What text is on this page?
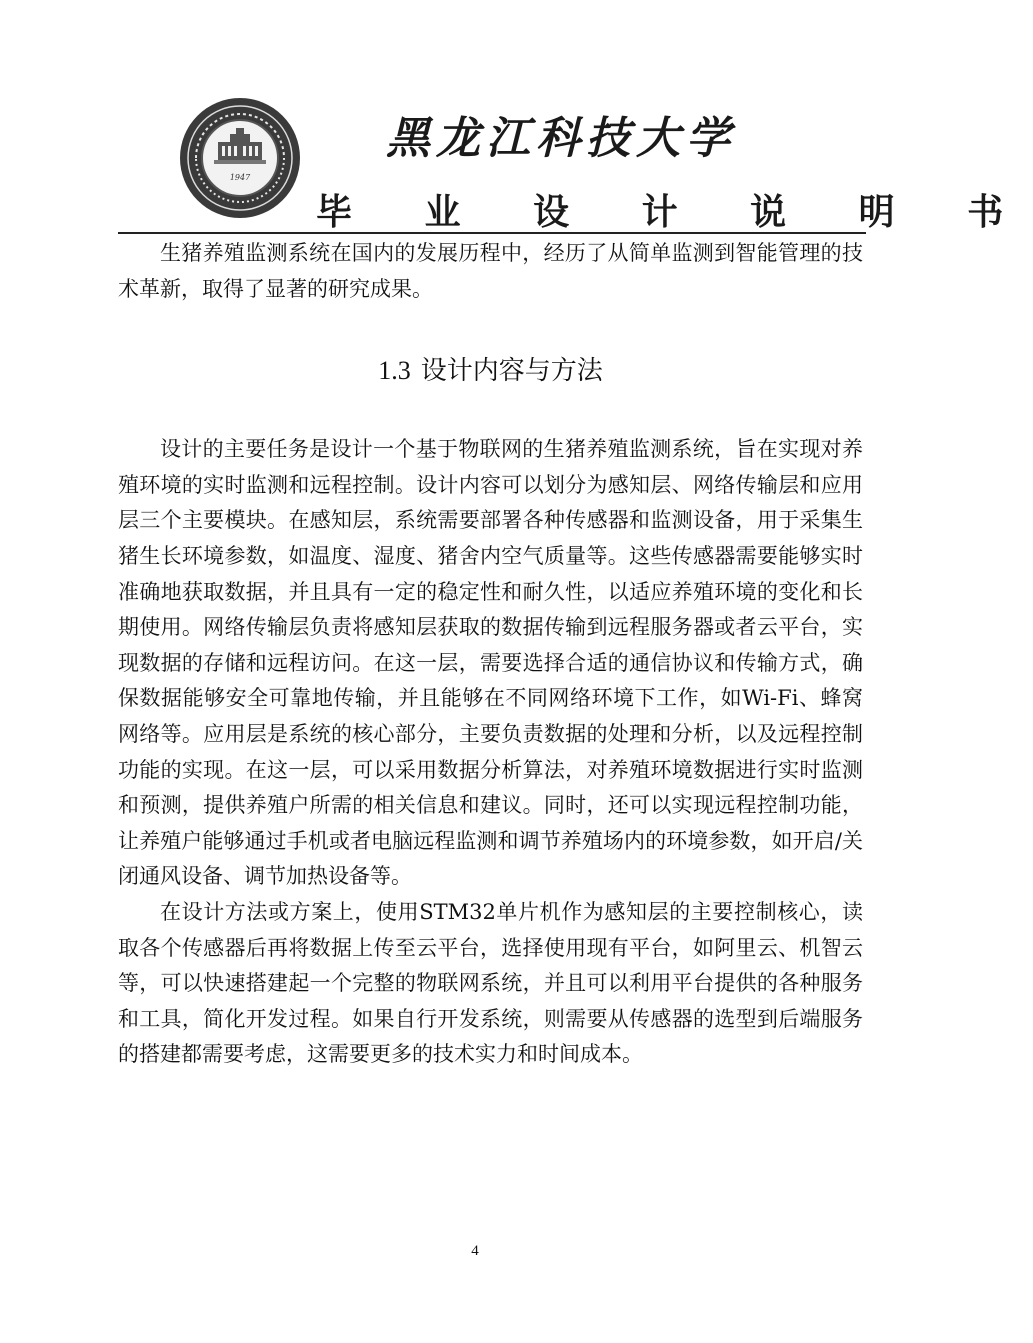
1947
黑龙江科技大学
毕 业 设 计 说 明 书

生猪养殖监测系统在国内的发展历程中，经历了从简单监测到智能管理的技术革新，取得了显著的研究成果。

1.3 设计内容与方法

设计的主要任务是设计一个基于物联网的生猪养殖监测系统，旨在实现对养殖环境的实时监测和远程控制。设计内容可以划分为感知层、网络传输层和应用层三个主要模块。在感知层，系统需要部署各种传感器和监测设备，用于采集生猪生长环境参数，如温度、湿度、猪舍内空气质量等。这些传感器需要能够实时准确地获取数据，并且具有一定的稳定性和耐久性，以适应养殖环境的变化和长期使用。网络传输层负责将感知层获取的数据传输到远程服务器或者云平台，实现数据的存储和远程访问。在这一层，需要选择合适的通信协议和传输方式，确保数据能够安全可靠地传输，并且能够在不同网络环境下工作，如Wi-Fi、蜂窝网络等。应用层是系统的核心部分，主要负责数据的处理和分析，以及远程控制功能的实现。在这一层，可以采用数据分析算法，对养殖环境数据进行实时监测和预测，提供养殖户所需的相关信息和建议。同时，还可以实现远程控制功能，让养殖户能够通过手机或者电脑远程监测和调节养殖场内的环境参数，如开启/关闭通风设备、调节加热设备等。

在设计方法或方案上，使用STM32单片机作为感知层的主要控制核心，读取各个传感器后再将数据上传至云平台，选择使用现有平台，如阿里云、机智云等，可以快速搭建起一个完整的物联网系统，并且可以利用平台提供的各种服务和工具，简化开发过程。如果自行开发系统，则需要从传感器的选型到后端服务的搭建都需要考虑，这需要更多的技术实力和时间成本。

4
